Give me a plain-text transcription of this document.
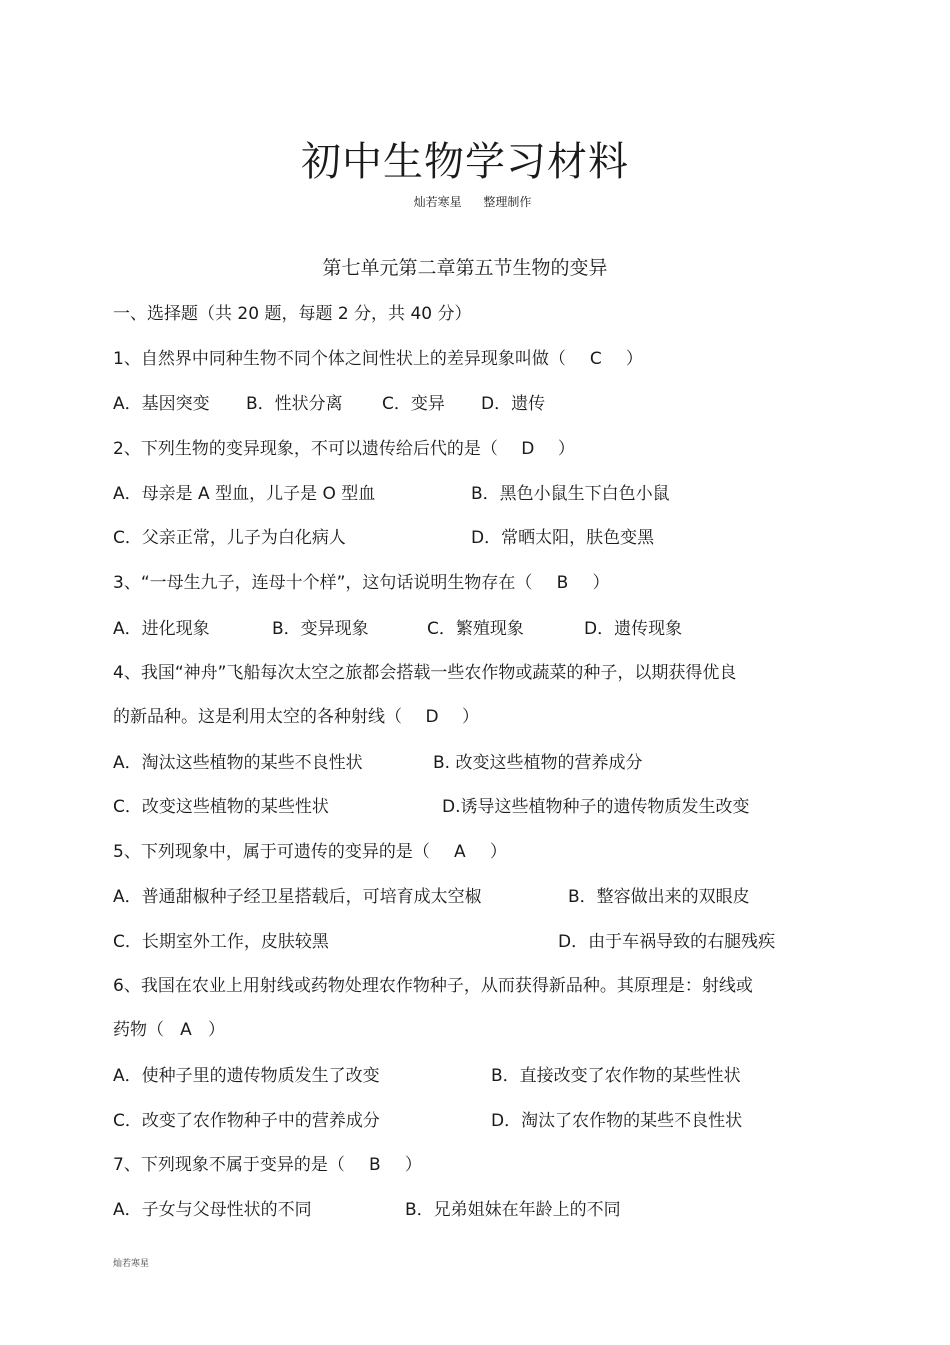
初中生物学习材料
灿若寒星 整理制作
第七单元第二章第五节生物的变异
一、选择题（共 20 题，每题 2 分，共 40 分）
1、自然界中同种生物不同个体之间性状上的差异现象叫做（ C ）
A．基因突变 B．性状分离 C．变异 D．遗传
2、下列生物的变异现象，不可以遗传给后代的是（ D ）
A．母亲是 A 型血，儿子是 O 型血	B．黑色小鼠生下白色小鼠
C．父亲正常，儿子为白化病人	D．常晒太阳，肤色变黑
3、“一母生九子，连母十个样”，这句话说明生物存在（ B ）
A．进化现象	B．变异现象	C．繁殖现象	D．遗传现象
4、我国“神舟”飞船每次太空之旅都会搭载一些农作物或蔬菜的种子，以期获得优良
的新品种。这是利用太空的各种射线（ D ）
A．淘汰这些植物的某些不良性状	B. 改变这些植物的营养成分
C．改变这些植物的某些性状	D.诱导这些植物种子的遗传物质发生改变
5、下列现象中，属于可遗传的变异的是（ A ）
A．普通甜椒种子经卫星搭载后，可培育成太空椒	B．整容做出来的双眼皮
C．长期室外工作，皮肤较黑	D．由于车祸导致的右腿残疾
6、我国在农业上用射线或药物处理农作物种子，从而获得新品种。其原理是：射线或
药物（ A ）
A．使种子里的遗传物质发生了改变	B．直接改变了农作物的某些性状
C．改变了农作物种子中的营养成分	D．淘汰了农作物的某些不良性状
7、下列现象不属于变异的是（ B ）
A．子女与父母性状的不同	B．兄弟姐妹在年龄上的不同
灿若寒星
